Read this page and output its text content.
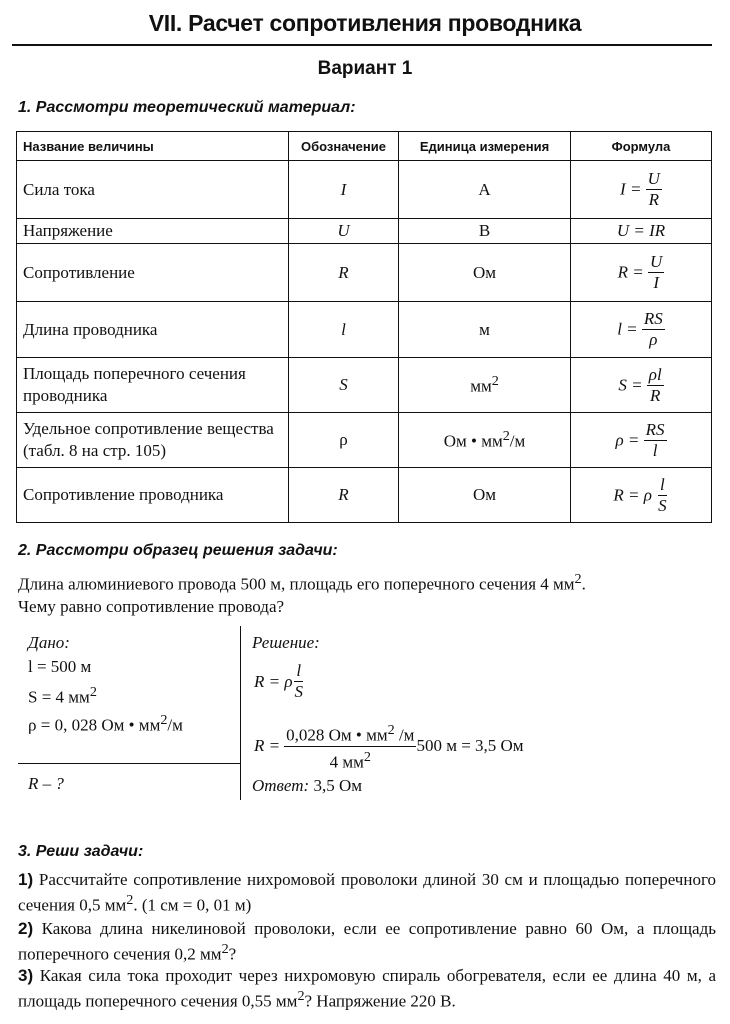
VII. Расчет сопротивления проводника
Вариант 1
1. Рассмотри теоретический материал:
Название величины	Обозначение	Единица измерения	Формула
Сила тока	I	А	$I = \frac{U}{R}$

Напряжение	U	В	U = IR
Сопротивление	R	Ом	$R = \frac{U}{I}$

Длина проводника	l	м	$l = \frac{RS}{\rho}$

Площадь поперечного сечения проводника	S	$мм^2$	$S = \frac{\rho l}{R}$

Удельное сопротивление вещества (табл. 8 на стр. 105)	ρ	Ом • $мм^2/м$	$\rho = \frac{RS}{l}$

Сопротивление проводника	R	Ом	R = ρ $\frac{l}{S}$
2. Рассмотри образец решения задачи:
Длина алюминиевого провода 500 м, площадь его поперечного сечения 4 $мм^2$.
Чему равно сопротивление провода?
Дано:
l = 500 м
S = 4 $мм^2$
ρ = 0, 028 Ом • $мм^2/м$
R – ?
Решение:
R = ρ $\frac{l}{S}$
$R = \frac{0,028 Ом • мм^2 /м}{4 мм^2} 500$ м = 3,5 Ом
Ответ: 3,5 Ом
3. Реши задачи:
1) Рассчитайте сопротивление нихромовой проволоки длиной 30 см и площадью поперечного сечения 0,5 $мм^2$. (1 см = 0, 01 м)
2) Какова длина никелиновой проволоки, если ее сопротивление равно 60 Ом, а площадь поперечного сечения 0,2 $мм^2$?
3) Какая сила тока проходит через нихромовую спираль обогревателя, если ее длина 40 м, а площадь поперечного сечения 0,55 $мм^2$? Напряжение 220 В.
